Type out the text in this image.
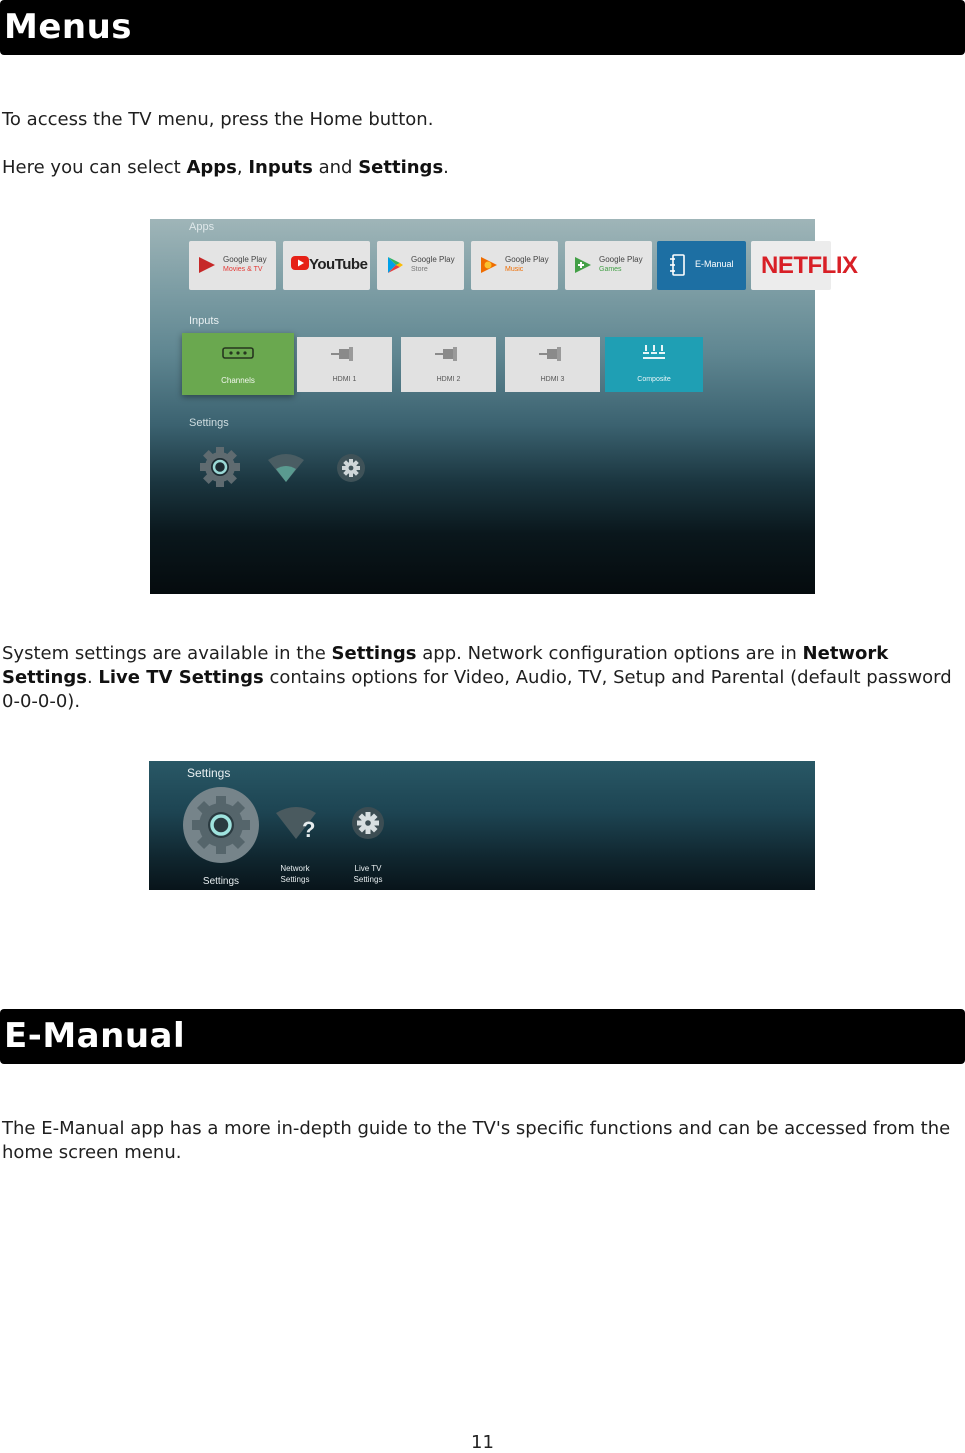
Menus

To access the TV menu, press the Home button.

Here you can select Apps, Inputs and Settings.

Apps
Google Play
Movies & TV	YouTube	Google Play
Store
Google Play
Music
Google Play
Games
E-Manual NETFLIX
Inputs
Channels	HDMI 1	HDMI 2	HDMI 3	Composite
Settings

System settings are available in the Settings app. Network configuration options are in Network Settings. Live TV Settings contains options for Video, Audio, TV, Setup and Parental (default password 0-0-0-0).

Settings
Settings
?
Network
Settings
Live TV
Settings
E-Manual

The E-Manual app has a more in-depth guide to the TV's specific functions and can be accessed from the home screen menu.

11
